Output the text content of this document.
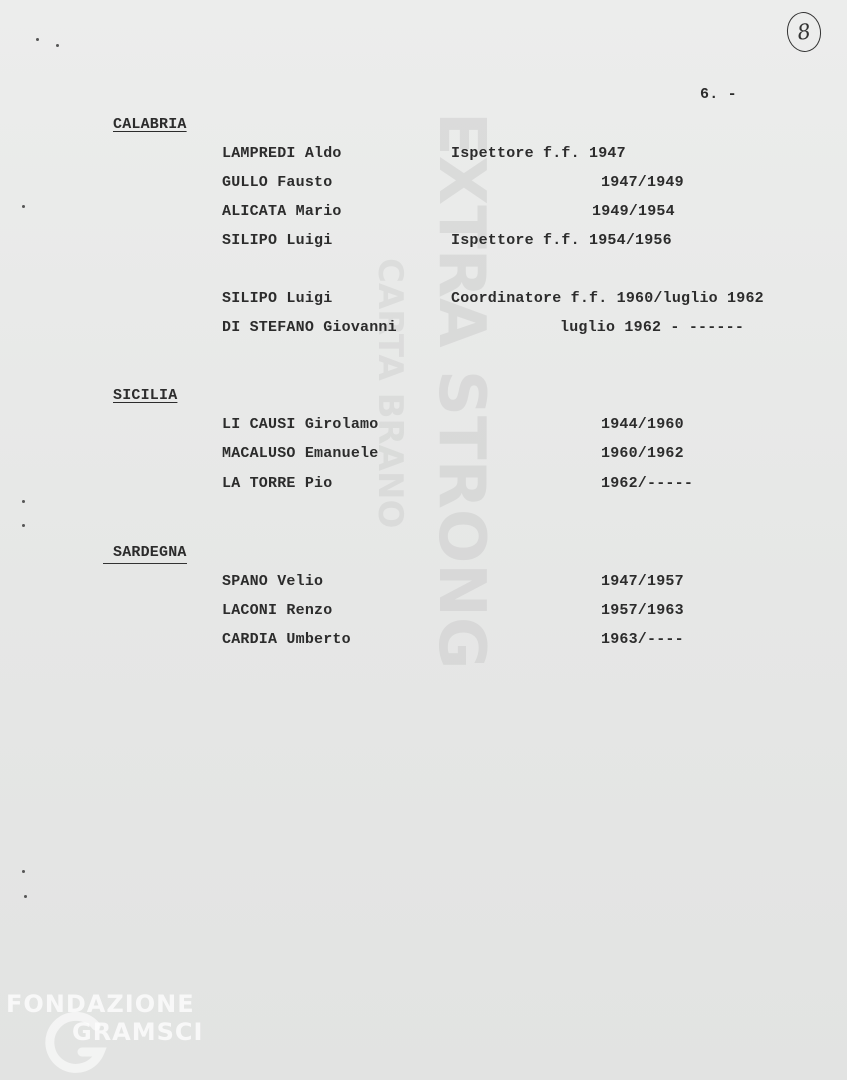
EXTRA STRONG
CARTA BRANO
8
6. -
CALABRIA
LAMPREDI Aldo	Ispettore f.f. 1947
GULLO Fausto	1947/1949
ALICATA Mario	1949/1954
SILIPO Luigi	Ispettore f.f. 1954/1956
SILIPO Luigi	Coordinatore f.f. 1960/luglio 1962
DI STEFANO Giovanni	luglio 1962 - ------
SICILIA
LI CAUSI Girolamo	1944/1960
MACALUSO Emanuele	1960/1962
LA TORRE Pio	1962/-----
SARDEGNA
SPANO Velio	1947/1957
LACONI Renzo	1957/1963
CARDIA Umberto	1963/----
FONDAZIONE
GRAMSCI
